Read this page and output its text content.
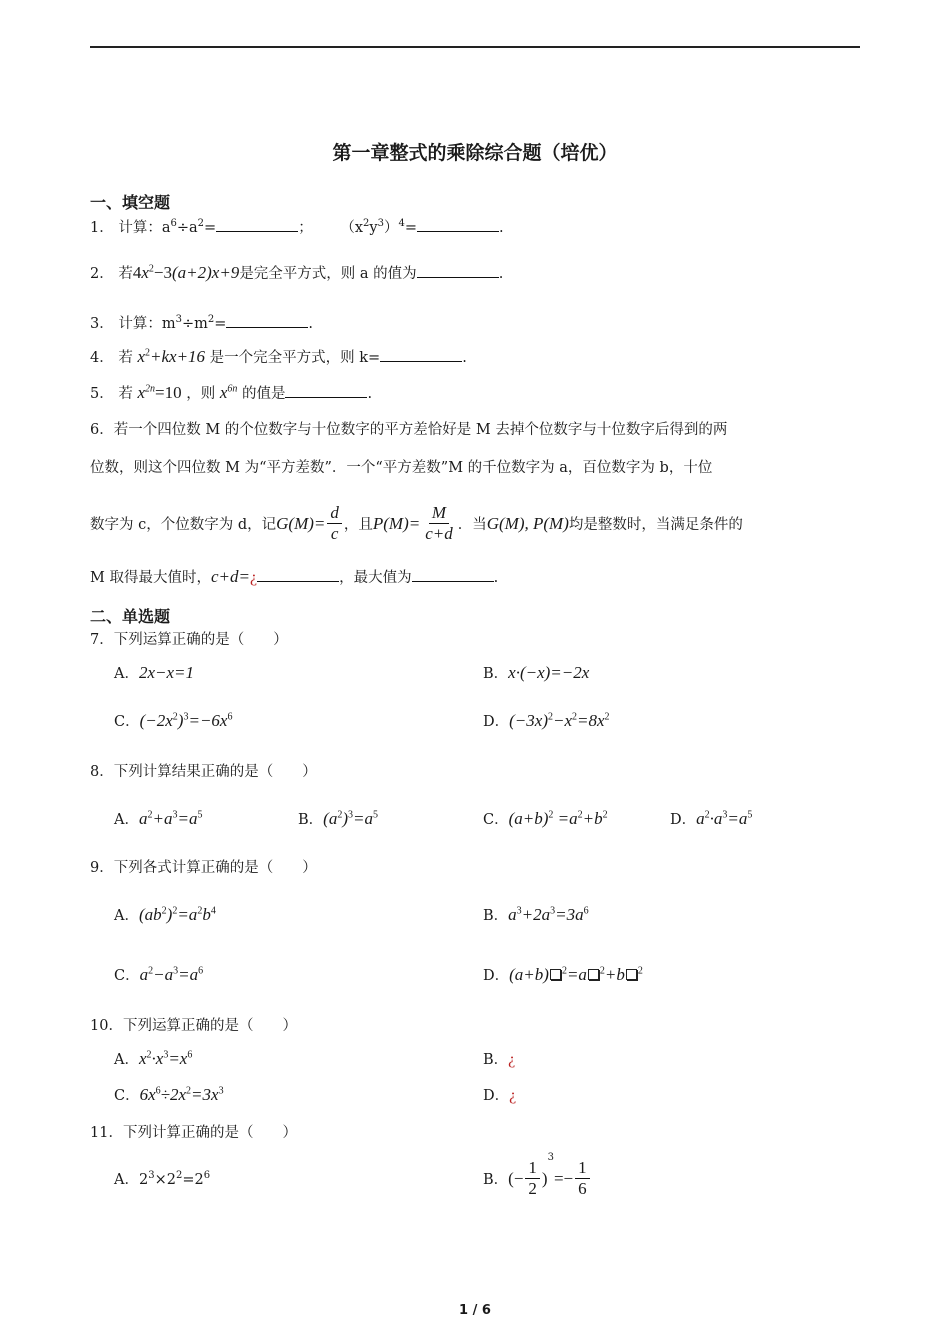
第一章整式的乘除综合题（培优）
一、填空题
1． 计算：$a^6\div a^2=$	； $(x^2y^3)^4=$	.
2． 若$4x^2-3(a+2)x+9$是完全平方式，则 a 的值为	.
3． 计算：$m^3\div m^2=$	.
4． 若 $x^2+kx+16$ 是一个完全平方式，则 k=	.
5． 若 $x^{2n}=10$ ，则 $x^{6n}$ 的值是	.
6．若一个四位数 M 的个位数字与十位数字的平方差恰好是 M 去掉个位数字与十位数字后得到的两
位数，则这个四位数 M 为“平方差数”．一个“平方差数”M 的千位数字为 a，百位数字为 b，十位
数字为 c，个位数字为 d，记 $G(M)= \frac{d}{c}$ ，且 $P(M)= \frac{M}{c+d}$ ．当 G(M), P(M) 均是整数时，当满足条件的
M 取得最大值时，c+d=¿	，最大值为	.
二、单选题
7．下列运算正确的是（　　）
A．2x−x=1	B．x·(−x)=−2x
C．$(-2x^2)^3=-6x^6$	D．$(-3x)^2-x^2=8x^2$
8．下列计算结果正确的是（　　）
A．$a^2+a^3=a^5$	B．$(a^2)^3=a^5$	C．$(a+b)^2 =a^2+b^2$	D．$a^2\cdot a^3=a^5$
9．下列各式计算正确的是（　　）
A．$(ab^2)^2=a^2b^4$	B．$a^3+2a^3=3a^6$
C．$a^2-a^3=a^6$	D．(a+b) $^2$=a $^2$+b $^2$
10．下列运算正确的是（　　）
A．$x^2\cdot x^3=x^6$	B．¿
C．$6x^6\div 2x^2=3x^3$	D．¿
11．下列计算正确的是（　　）
A．$2^3\times 2^2=2^6$	B． (− $\frac{1}{2}$ )
3
=− $\frac{1}{6}$
1 / 6
